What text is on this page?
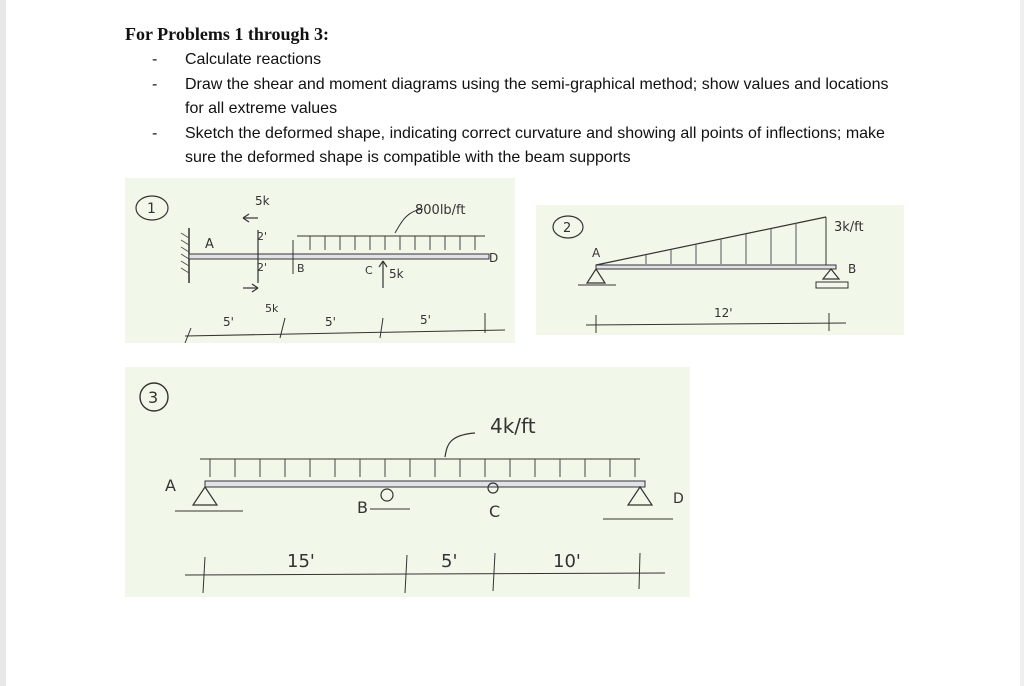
For Problems 1 through 3:
- Calculate reactions
- Draw the shear and moment diagrams using the semi-graphical method; show values and locations for all extreme values
- Sketch the deformed shape, indicating correct curvature and showing all points of inflections; make sure the deformed shape is compatible with the beam supports
1
A
5k
2'
2'
5k
B
800lb/ft
C 5k
D
5'	5'	5'
2	3k/ft
A
B
12'
3
4k/ft
A
B	C
D
15'	5'	10'
